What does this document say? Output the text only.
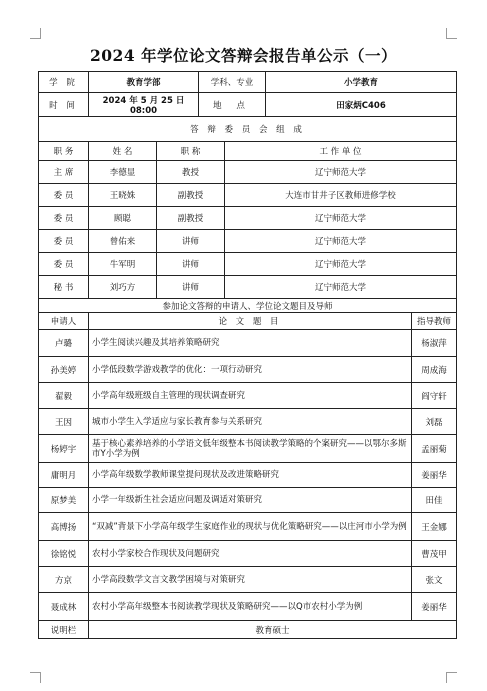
2024 年学位论文答辩会报告单公示（一）
学 院	教育学部		学科、专业		小学教育	
时 间	2024 年 5 月 25 日 08:00		地 点		田家炳C406	
答 辩 委 员 会 组 成						
职 务	姓 名	职 称		工 作 单 位		
主 席	李德显	教授		辽宁师范大学		
委 员	王晓姝	副教授		大连市甘井子区教师进修学校		
委 员	顾聪	副教授		辽宁师范大学		
委 员	曾佑来	讲师		辽宁师范大学		
委 员	牛军明	讲师		辽宁师范大学		
秘 书	刘巧方	讲师		辽宁师范大学		
参加论文答辩的申请人、学位论文题目及导师						
申请人	论 文 题 目					指导教师
卢璐	小学生阅读兴趣及其培养策略研究					杨淑萍
孙美婷	小学低段数学游戏教学的优化：一项行动研究					周成海
翟毅	小学高年级班级自主管理的现状调查研究					阎守轩
王因	城市小学生入学适应与家长教育参与关系研究					刘磊
杨婷宇	基于核心素养培养的小学语文低年级整本书阅读教学策略的个案研究——以鄂尔多斯市Y小学为例					孟丽菊
庸明月	小学高年级数学教师课堂提问现状及改进策略研究					姜丽华
原梦美	小学一年级新生社会适应问题及调适对策研究					田佳
高博扬	“双减”背景下小学高年级学生家庭作业的现状与优化策略研究——以庄河市小学为例					王金娜
徐铭悦	农村小学家校合作现状及问题研究					曹茂甲
方京	小学高段数学文言文教学困境与对策研究					张文
聂成林	农村小学高年级整本书阅读教学现状及策略研究——以Q市农村小学为例					姜丽华
说明栏	教育硕士					
